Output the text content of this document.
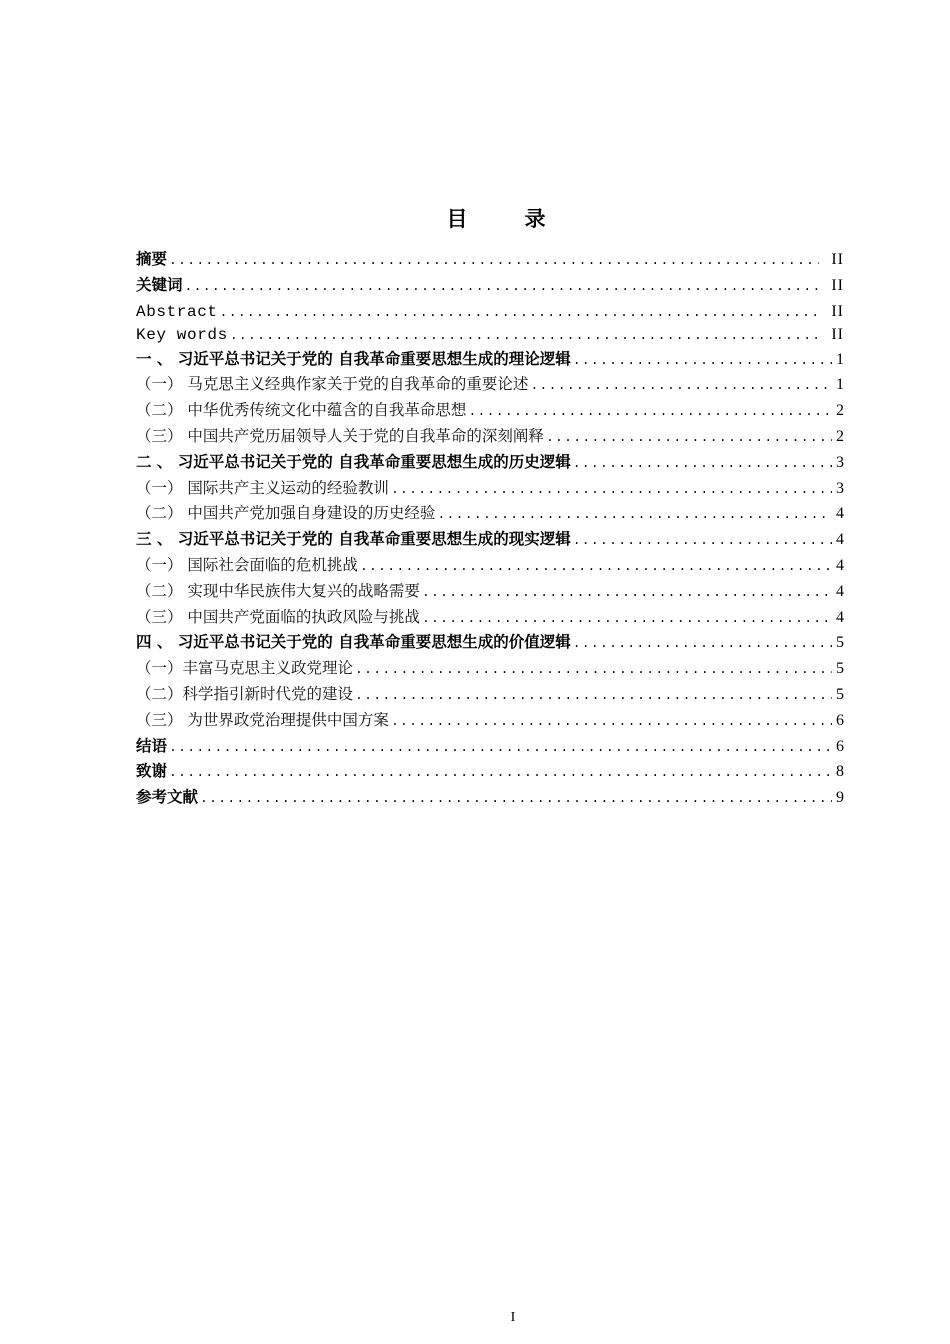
目　录
摘要 .....	II
关键词 .....	II
Abstract .....	II
Key words .....	II
一 、 习近平总书记关于党的 自我革命重要思想生成的理论逻辑 .....	1
（一） 马克思主义经典作家关于党的自我革命的重要论述 .....	1
（二） 中华优秀传统文化中蕴含的自我革命思想 .....	2
（三） 中国共产党历届领导人关于党的自我革命的深刻阐释 .....	2
二 、 习近平总书记关于党的 自我革命重要思想生成的历史逻辑 .....	3
（一） 国际共产主义运动的经验教训 .....	3
（二） 中国共产党加强自身建设的历史经验 .....	4
三 、 习近平总书记关于党的 自我革命重要思想生成的现实逻辑 .....	4
（一） 国际社会面临的危机挑战 .....	4
（二） 实现中华民族伟大复兴的战略需要 .....	4
（三） 中国共产党面临的执政风险与挑战 .....	4
四 、 习近平总书记关于党的 自我革命重要思想生成的价值逻辑 .....	5
（一）丰富马克思主义政党理论 .....	5
（二）科学指引新时代党的建设 .....	5
（三） 为世界政党治理提供中国方案 .....	6
结语 .....	6
致谢 .....	8
参考文献 .....	9
I
